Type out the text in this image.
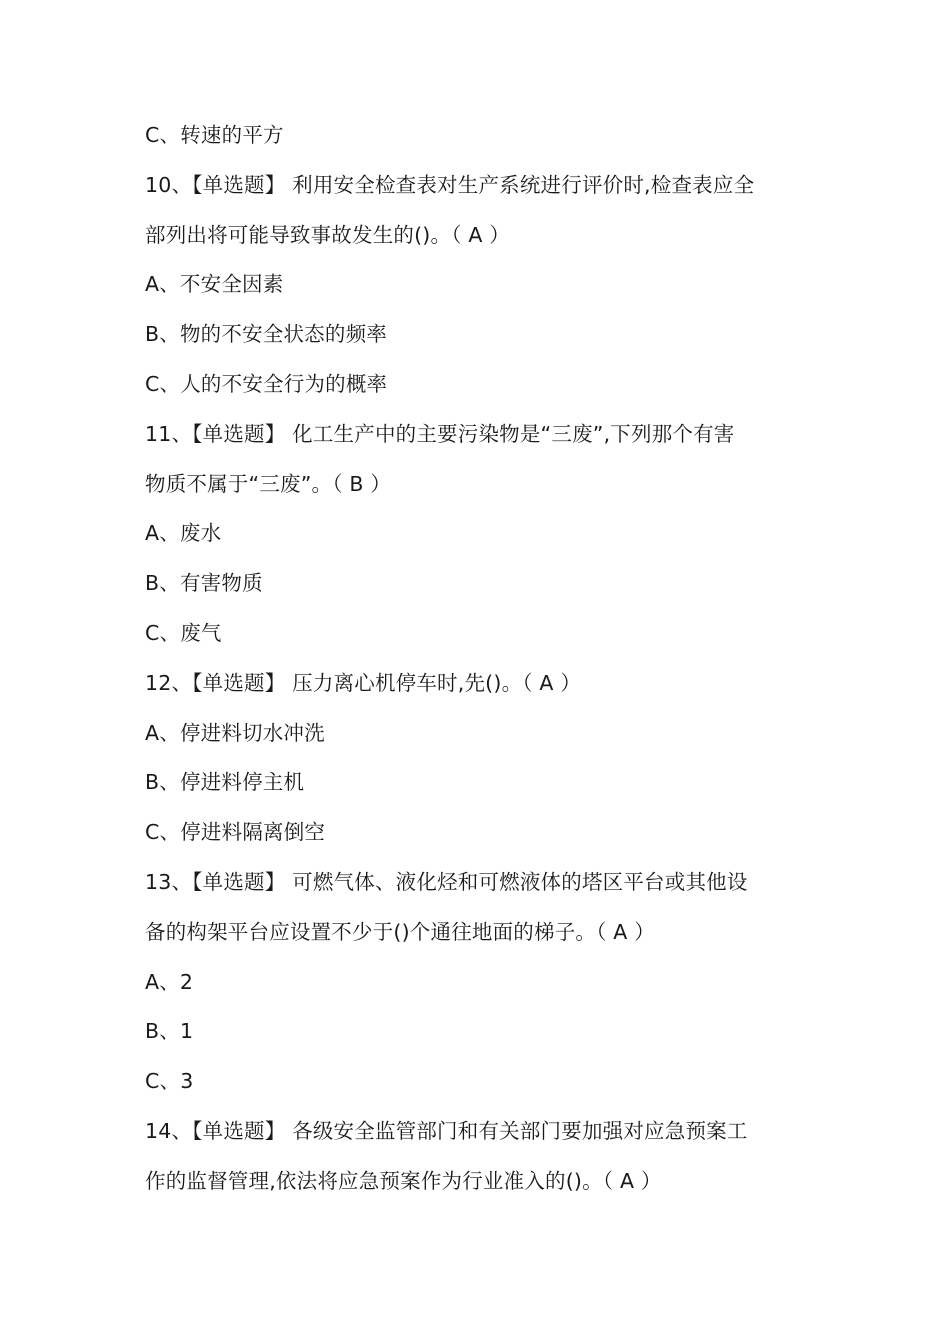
C、转速的平方
10、【单选题】 利用安全检查表对生产系统进行评价时,检查表应全
部列出将可能导致事故发生的()。（ A ）
A、不安全因素
B、物的不安全状态的频率
C、人的不安全行为的概率
11、【单选题】 化工生产中的主要污染物是“三废”,下列那个有害
物质不属于“三废”。（ B ）
A、废水
B、有害物质
C、废气
12、【单选题】 压力离心机停车时,先()。（ A ）
A、停进料切水冲洗
B、停进料停主机
C、停进料隔离倒空
13、【单选题】 可燃气体、液化烃和可燃液体的塔区平台或其他设
备的构架平台应设置不少于()个通往地面的梯子。（ A ）
A、2
B、1
C、3
14、【单选题】 各级安全监管部门和有关部门要加强对应急预案工
作的监督管理,依法将应急预案作为行业准入的()。（ A ）
